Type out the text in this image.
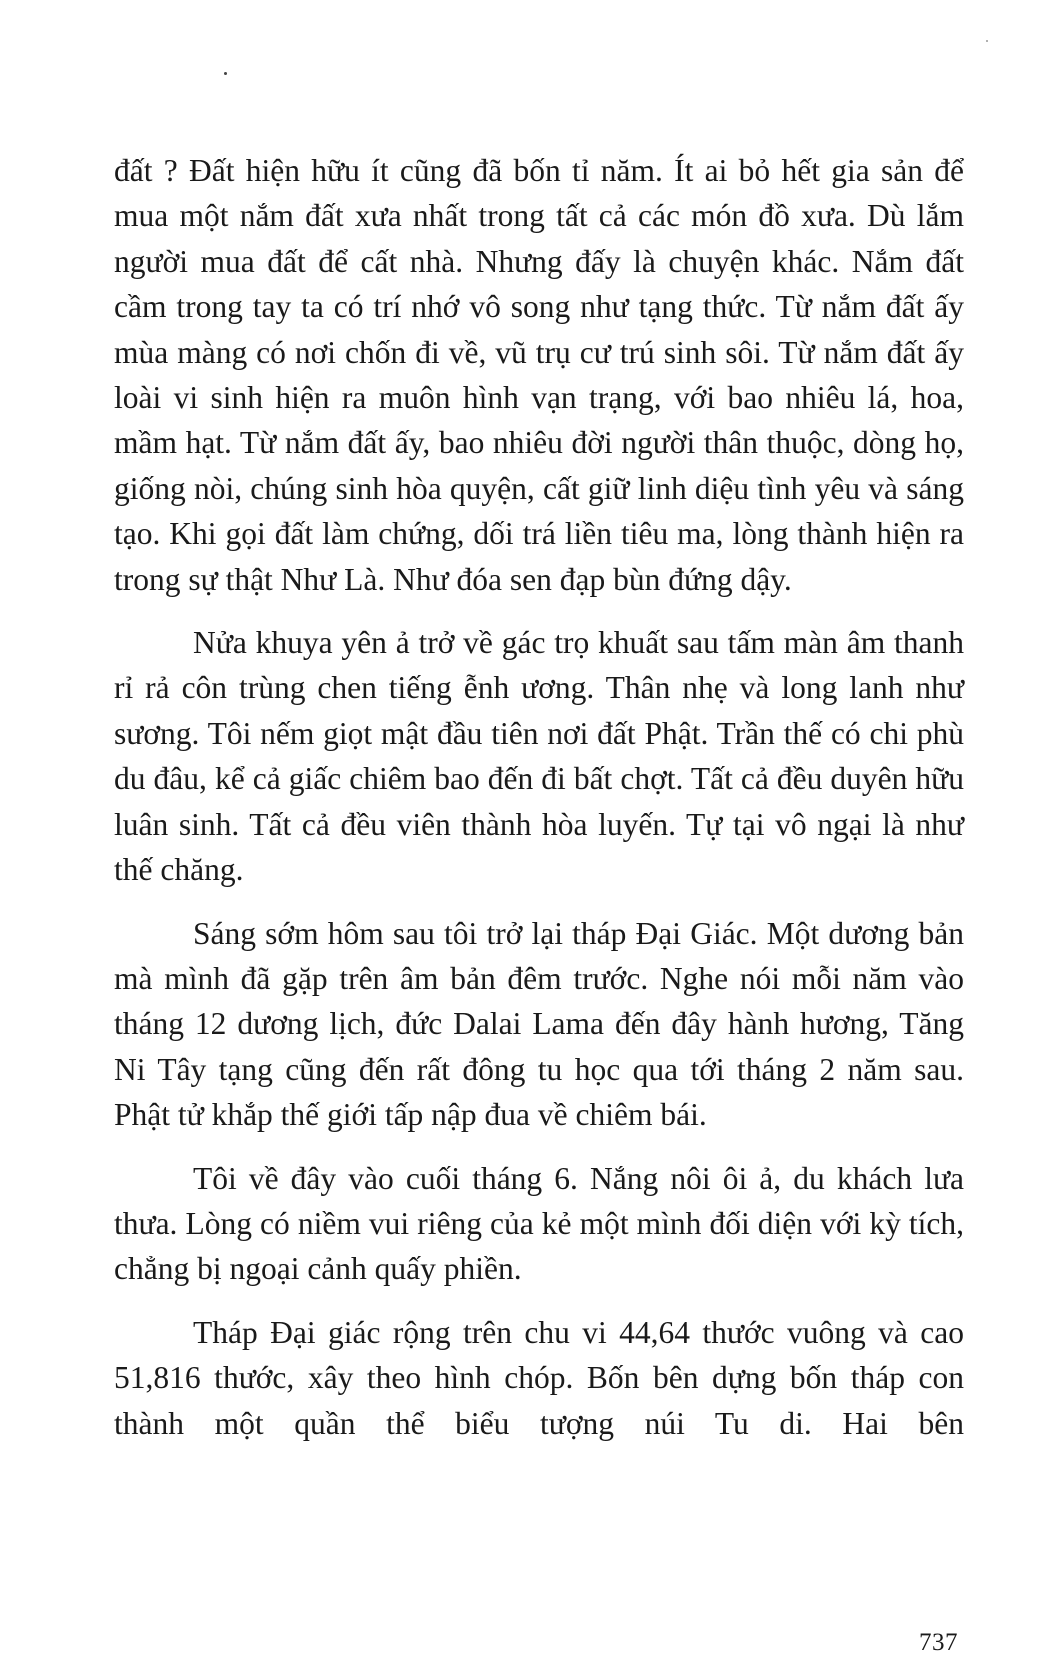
đất ? Đất hiện hữu ít cũng đã bốn tỉ năm. Ít ai bỏ hết gia sản để mua một nắm đất xưa nhất trong tất cả các món đồ xưa. Dù lắm người mua đất để cất nhà. Nhưng đấy là chuyện khác. Nắm đất cầm trong tay ta có trí nhớ vô song như tạng thức. Từ nắm đất ấy mùa màng có nơi chốn đi về, vũ trụ cư trú sinh sôi. Từ nắm đất ấy loài vi sinh hiện ra muôn hình vạn trạng, với bao nhiêu lá, hoa, mầm hạt. Từ nắm đất ấy, bao nhiêu đời người thân thuộc, dòng họ, giống nòi, chúng sinh hòa quyện, cất giữ linh diệu tình yêu và sáng tạo. Khi gọi đất làm chứng, dối trá liền tiêu ma, lòng thành hiện ra trong sự thật Như Là. Như đóa sen đạp bùn đứng dậy.

Nửa khuya yên ả trở về gác trọ khuất sau tấm màn âm thanh rỉ rả côn trùng chen tiếng ễnh ương. Thân nhẹ và long lanh như sương. Tôi nếm giọt mật đầu tiên nơi đất Phật. Trần thế có chi phù du đâu, kể cả giấc chiêm bao đến đi bất chợt. Tất cả đều duyên hữu luân sinh. Tất cả đều viên thành hòa luyến. Tự tại vô ngại là như thế chăng.

Sáng sớm hôm sau tôi trở lại tháp Đại Giác. Một dương bản mà mình đã gặp trên âm bản đêm trước. Nghe nói mỗi năm vào tháng 12 dương lịch, đức Dalai Lama đến đây hành hương, Tăng Ni Tây tạng cũng đến rất đông tu học qua tới tháng 2 năm sau. Phật tử khắp thế giới tấp nập đua về chiêm bái.

Tôi về đây vào cuối tháng 6. Nắng nôi ôi ả, du khách lưa thưa. Lòng có niềm vui riêng của kẻ một mình đối diện với kỳ tích, chẳng bị ngoại cảnh quấy phiền.

Tháp Đại giác rộng trên chu vi 44,64 thước vuông và cao 51,816 thước, xây theo hình chóp. Bốn bên dựng bốn tháp con thành một quần thể biểu tượng núi Tu di. Hai bên

737
